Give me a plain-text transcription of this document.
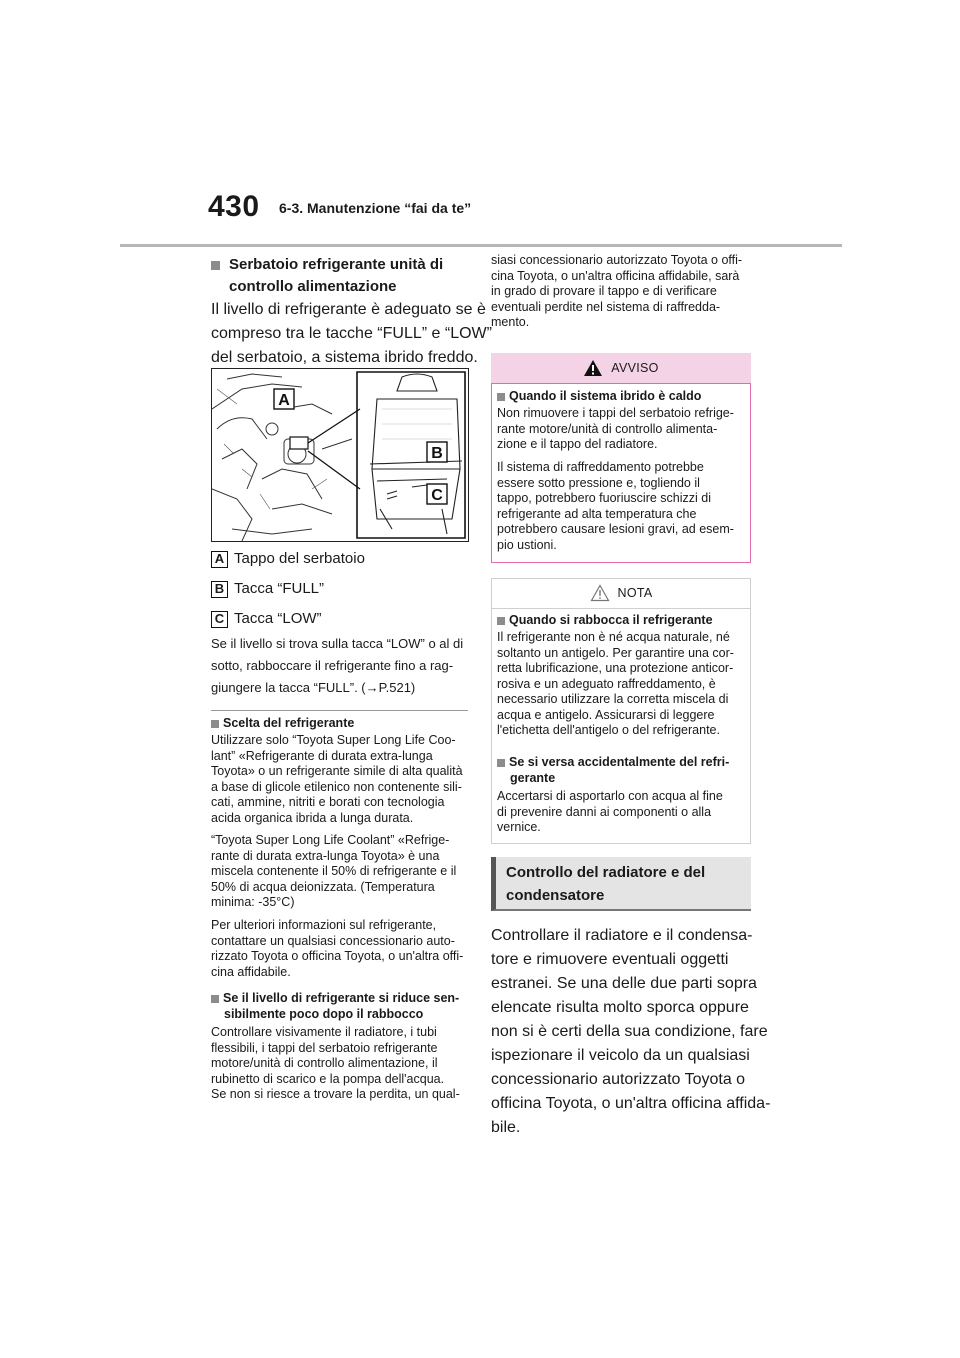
430 6-3. Manutenzione “fai da te”
Serbatoio refrigerante unità di
controllo alimentazione
Il livello di refrigerante è adeguato se è
compreso tra le tacche “FULL” e “LOW”
del serbatoio, a sistema ibrido freddo.
A
B
C
A Tappo del serbatoio
B Tacca “FULL”
C Tacca “LOW”
Se il livello si trova sulla tacca “LOW” o al di
sotto, rabboccare il refrigerante fino a rag-
giungere la tacca “FULL”. (→P.521)
Scelta del refrigerante
Utilizzare solo “Toyota Super Long Life Coo-
lant” «Refrigerante di durata extra-lunga
Toyota» o un refrigerante simile di alta qualità
a base di glicole etilenico non contenente sili-
cati, ammine, nitriti e borati con tecnologia
acida organica ibrida a lunga durata.
“Toyota Super Long Life Coolant” «Refrige-
rante di durata extra-lunga Toyota» è una
miscela contenente il 50% di refrigerante e il
50% di acqua deionizzata. (Temperatura
minima: -35°C)
Per ulteriori informazioni sul refrigerante,
contattare un qualsiasi concessionario auto-
rizzato Toyota o officina Toyota, o un'altra offi-
cina affidabile.
Se il livello di refrigerante si riduce sen-
sibilmente poco dopo il rabbocco
Controllare visivamente il radiatore, i tubi
flessibili, i tappi del serbatoio refrigerante
motore/unità di controllo alimentazione, il
rubinetto di scarico e la pompa dell'acqua.
Se non si riesce a trovare la perdita, un qual-
siasi concessionario autorizzato Toyota o offi-
cina Toyota, o un'altra officina affidabile, sarà
in grado di provare il tappo e di verificare
eventuali perdite nel sistema di raffredda-
mento.
AVVISO
Quando il sistema ibrido è caldo
Non rimuovere i tappi del serbatoio refrige-
rante motore/unità di controllo alimenta-
zione e il tappo del radiatore.
Il sistema di raffreddamento potrebbe
essere sotto pressione e, togliendo il
tappo, potrebbero fuoriuscire schizzi di
refrigerante ad alta temperatura che
potrebbero causare lesioni gravi, ad esem-
pio ustioni.
NOTA
Quando si rabbocca il refrigerante
Il refrigerante non è né acqua naturale, né
soltanto un antigelo. Per garantire una cor-
retta lubrificazione, una protezione anticor-
rosiva e un adeguato raffreddamento, è
necessario utilizzare la corretta miscela di
acqua e antigelo. Assicurarsi di leggere
l'etichetta dell'antigelo o del refrigerante.
Se si versa accidentalmente del refri-
gerante
Accertarsi di asportarlo con acqua al fine
di prevenire danni ai componenti o alla
vernice.
Controllo del radiatore e del
condensatore
Controllare il radiatore e il condensa-
tore e rimuovere eventuali oggetti
estranei. Se una delle due parti sopra
elencate risulta molto sporca oppure
non si è certi della sua condizione, fare
ispezionare il veicolo da un qualsiasi
concessionario autorizzato Toyota o
officina Toyota, o un'altra officina affida-
bile.
